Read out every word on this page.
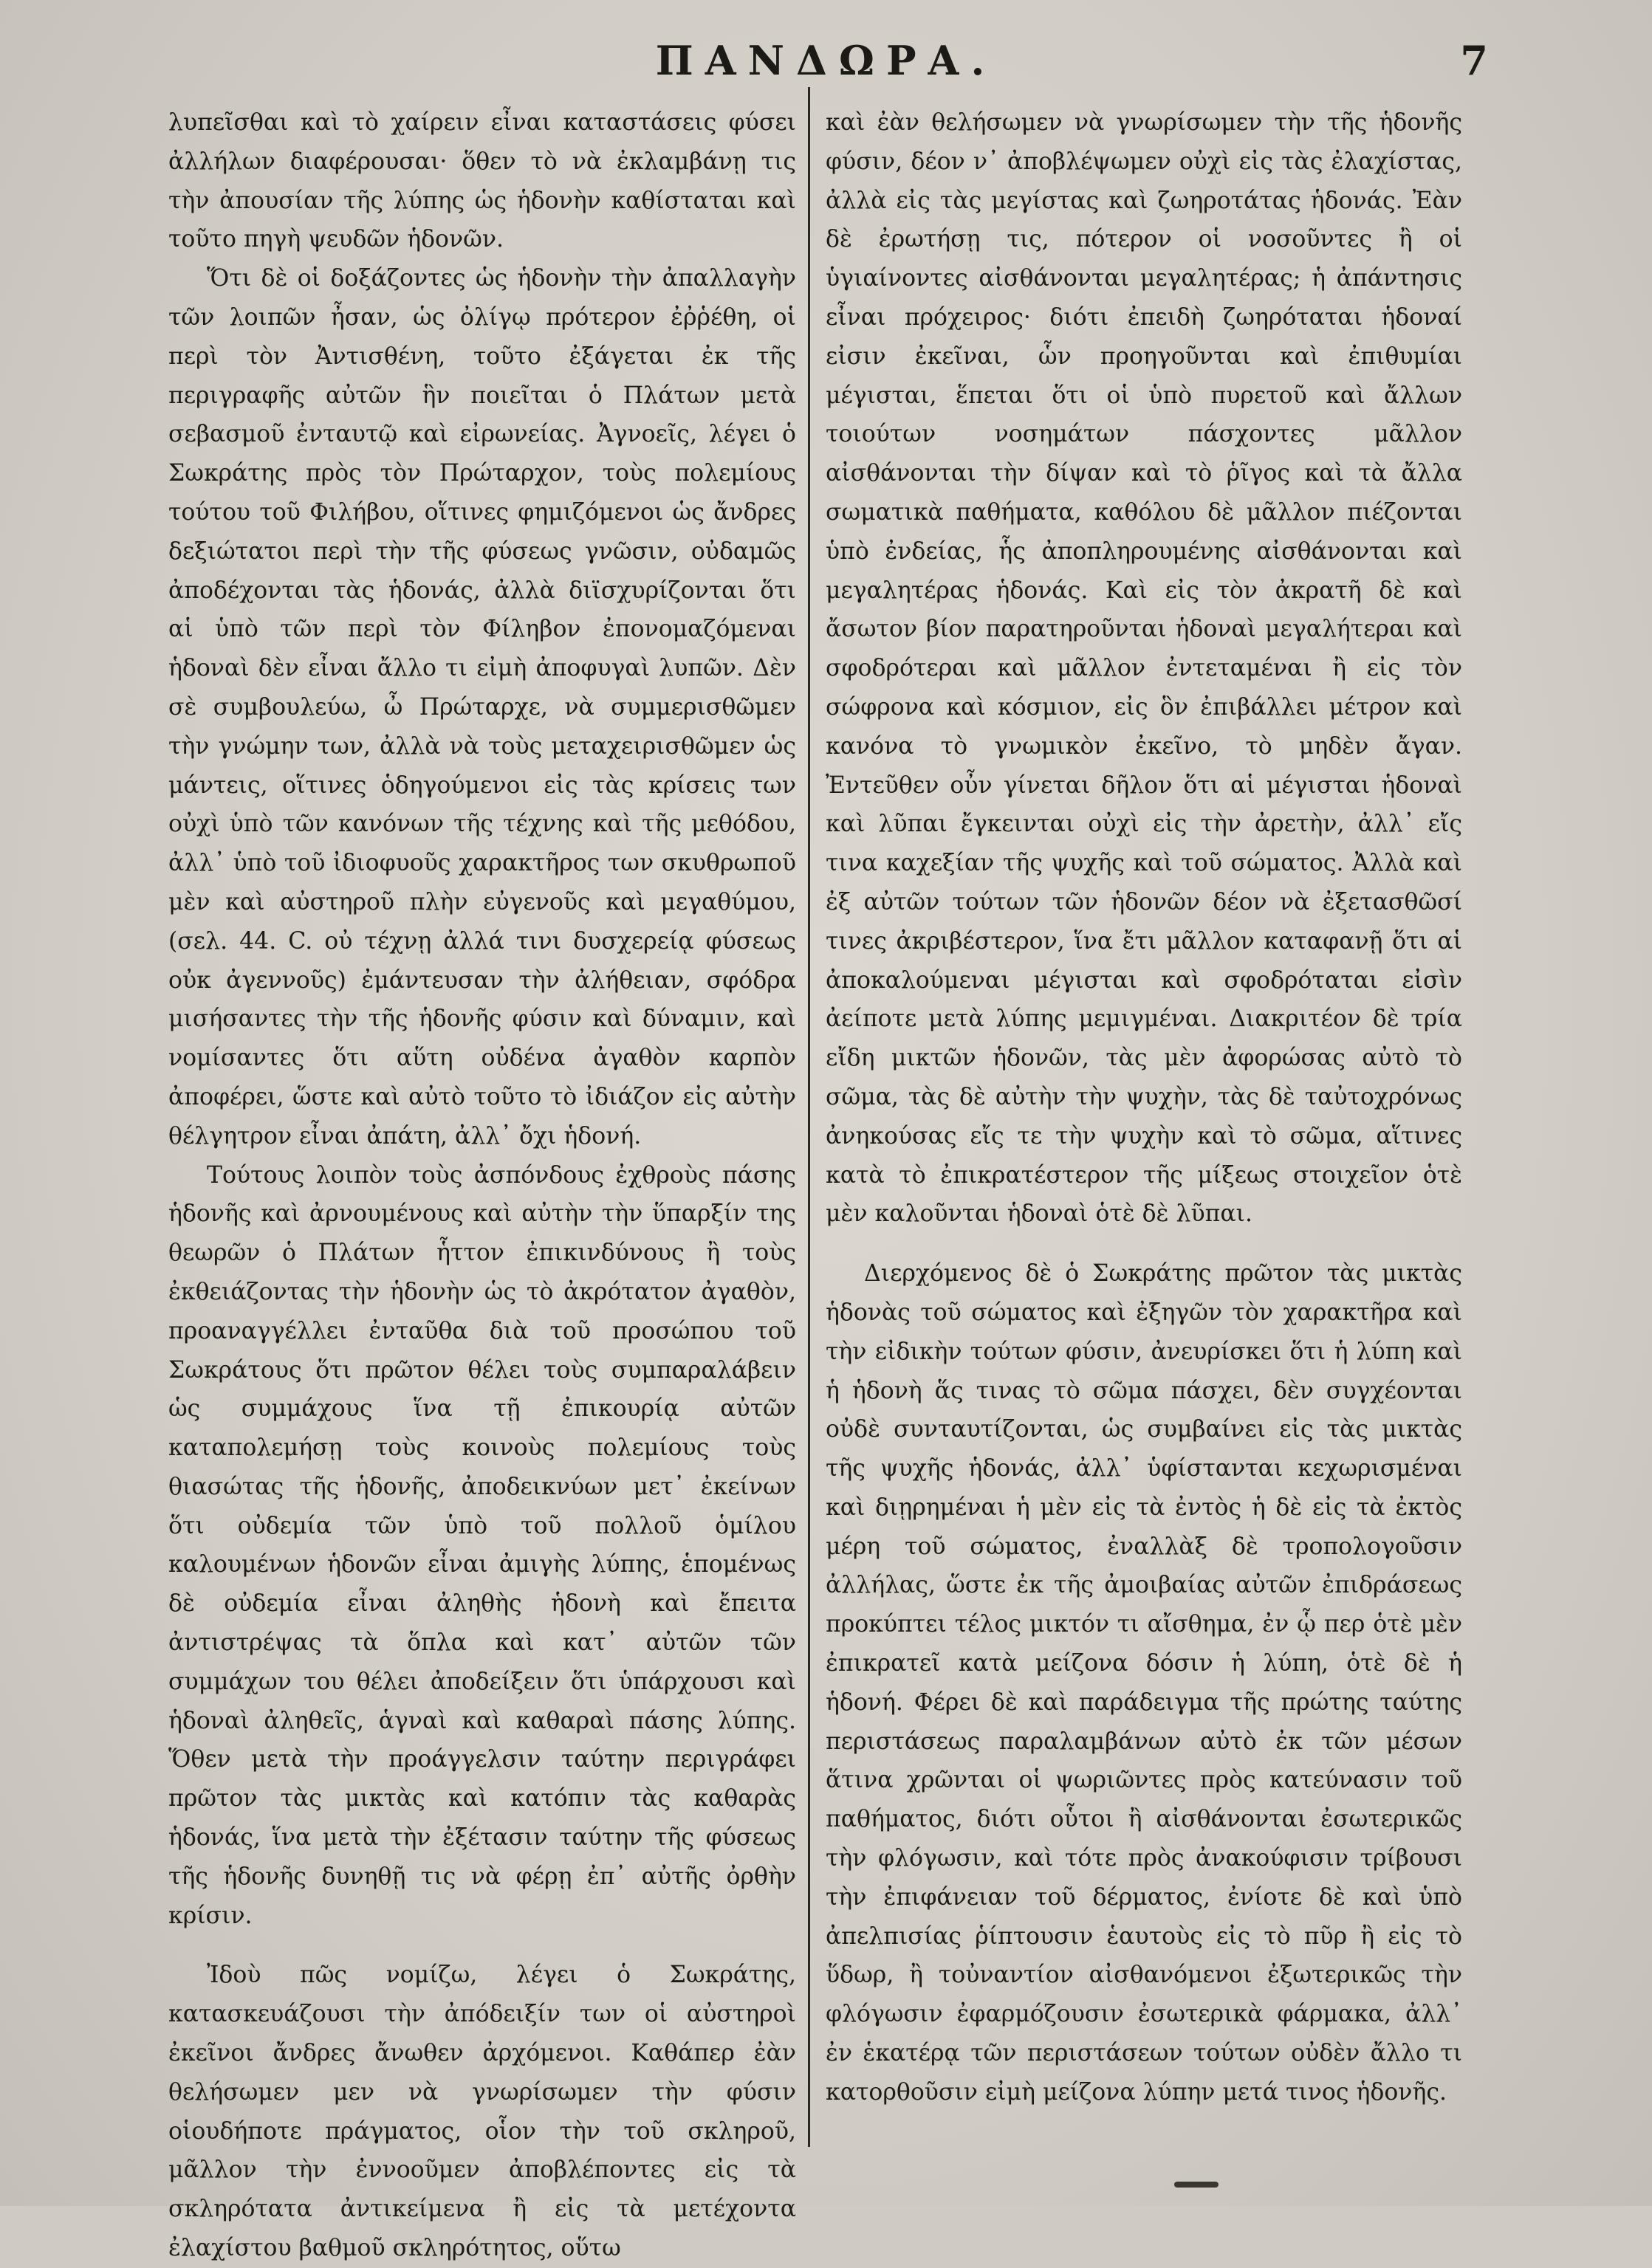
ΠΑΝΔΩΡΑ.	7

λυπεῖσθαι καὶ τὸ χαίρειν εἶναι καταστάσεις φύσει ἀλλήλων διαφέρουσαι· ὅθεν τὸ νὰ ἐκλαμβάνῃ τις τὴν ἀπουσίαν τῆς λύπης ὡς ἡδονὴν καθίσταται καὶ τοῦτο πηγὴ ψευδῶν ἡδονῶν.

Ὅτι δὲ οἱ δοξάζοντες ὡς ἡδονὴν τὴν ἀπαλλαγὴν τῶν λοιπῶν ἦσαν, ὡς ὀλίγῳ πρότερον ἐῤῥέθη, οἱ περὶ τὸν Ἀντισθένη, τοῦτο ἐξάγεται ἐκ τῆς περιγραφῆς αὐτῶν ἣν ποιεῖται ὁ Πλάτων μετὰ σεβασμοῦ ἐνταυτῷ καὶ εἰρωνείας. Ἀγνοεῖς, λέγει ὁ Σωκράτης πρὸς τὸν Πρώταρχον, τοὺς πολεμίους τούτου τοῦ Φιλήβου, οἵτινες φημιζόμενοι ὡς ἄνδρες δεξιώτατοι περὶ τὴν τῆς φύσεως γνῶσιν, οὐδαμῶς ἀποδέχονται τὰς ἡδονάς, ἀλλὰ διϊσχυρίζονται ὅτι αἱ ὑπὸ τῶν περὶ τὸν Φίληβον ἐπονομαζόμεναι ἡδοναὶ δὲν εἶναι ἄλλο τι εἰμὴ ἀποφυγαὶ λυπῶν. Δὲν σὲ συμβουλεύω, ὦ Πρώταρχε, νὰ συμμερισθῶμεν τὴν γνώμην των, ἀλλὰ νὰ τοὺς μεταχειρισθῶμεν ὡς μάντεις, οἵτινες ὁδηγούμενοι εἰς τὰς κρίσεις των οὐχὶ ὑπὸ τῶν κανόνων τῆς τέχνης καὶ τῆς μεθόδου, ἀλλ᾽ ὑπὸ τοῦ ἰδιοφυοῦς χαρακτῆρος των σκυθρωποῦ μὲν καὶ αὐστηροῦ πλὴν εὐγενοῦς καὶ μεγαθύμου, (σελ. 44. C. οὐ τέχνῃ ἀλλά τινι δυσχερείᾳ φύσεως οὐκ ἀγεννοῦς) ἐμάντευσαν τὴν ἀλήθειαν, σφόδρα μισήσαντες τὴν τῆς ἡδονῆς φύσιν καὶ δύναμιν, καὶ νομίσαντες ὅτι αὕτη οὐδένα ἀγαθὸν καρπὸν ἀποφέρει, ὥστε καὶ αὐτὸ τοῦτο τὸ ἰδιάζον εἰς αὐτὴν θέλγητρον εἶναι ἀπάτη, ἀλλ᾽ ὄχι ἡδονή.

Τούτους λοιπὸν τοὺς ἀσπόνδους ἐχθροὺς πάσης ἡδονῆς καὶ ἀρνουμένους καὶ αὐτὴν τὴν ὕπαρξίν της θεωρῶν ὁ Πλάτων ἧττον ἐπικινδύνους ἢ τοὺς ἐκθειάζοντας τὴν ἡδονὴν ὡς τὸ ἀκρότατον ἀγαθὸν, προαναγγέλλει ἐνταῦθα διὰ τοῦ προσώπου τοῦ Σωκράτους ὅτι πρῶτον θέλει τοὺς συμπαραλάβειν ὡς συμμάχους ἵνα τῇ ἐπικουρίᾳ αὐτῶν καταπολεμήσῃ τοὺς κοινοὺς πολεμίους τοὺς θιασώτας τῆς ἡδονῆς, ἀποδεικνύων μετ᾽ ἐκείνων ὅτι οὐδεμία τῶν ὑπὸ τοῦ πολλοῦ ὁμίλου καλουμένων ἡδονῶν εἶναι ἀμιγὴς λύπης, ἑπομένως δὲ οὐδεμία εἶναι ἀληθὴς ἡδονὴ καὶ ἔπειτα ἀντιστρέψας τὰ ὅπλα καὶ κατ᾽ αὐτῶν τῶν συμμάχων του θέλει ἀποδείξειν ὅτι ὑπάρχουσι καὶ ἡδοναὶ ἀληθεῖς, ἁγναὶ καὶ καθαραὶ πάσης λύπης. Ὅθεν μετὰ τὴν προάγγελσιν ταύτην περιγράφει πρῶτον τὰς μικτὰς καὶ κατόπιν τὰς καθαρὰς ἡδονάς, ἵνα μετὰ τὴν ἐξέτασιν ταύτην τῆς φύσεως τῆς ἡδονῆς δυνηθῇ τις νὰ φέρῃ ἐπ᾽ αὐτῆς ὀρθὴν κρίσιν.

Ἰδοὺ πῶς νομίζω, λέγει ὁ Σωκράτης, κατασκευάζουσι τὴν ἀπόδειξίν των οἱ αὐστηροὶ ἐκεῖνοι ἄνδρες ἄνωθεν ἀρχόμενοι. Καθάπερ ἐὰν θελήσωμεν μεν νὰ γνωρίσωμεν τὴν φύσιν οἱουδήποτε πράγματος, οἷον τὴν τοῦ σκληροῦ, μᾶλλον τὴν ἐννοοῦμεν ἀποβλέποντες εἰς τὰ σκληρότατα ἀντικείμενα ἢ εἰς τὰ μετέχοντα ἐλαχίστου βαθμοῦ σκληρότητος, οὕτω

καὶ ἐὰν θελήσωμεν νὰ γνωρίσωμεν τὴν τῆς ἡδονῆς φύσιν, δέον ν᾽ ἀποβλέψωμεν οὐχὶ εἰς τὰς ἐλαχίστας, ἀλλὰ εἰς τὰς μεγίστας καὶ ζωηροτάτας ἡδονάς. Ἐὰν δὲ ἐρωτήσῃ τις, πότερον οἱ νοσοῦντες ἢ οἱ ὑγιαίνοντες αἰσθάνονται μεγαλητέρας; ἡ ἀπάντησις εἶναι πρόχειρος· διότι ἐπειδὴ ζωηρόταται ἡδοναί εἰσιν ἐκεῖναι, ὧν προηγοῦνται καὶ ἐπιθυμίαι μέγισται, ἕπεται ὅτι οἱ ὑπὸ πυρετοῦ καὶ ἄλλων τοιούτων νοσημάτων πάσχοντες μᾶλλον αἰσθάνονται τὴν δίψαν καὶ τὸ ῥῖγος καὶ τὰ ἄλλα σωματικὰ παθήματα, καθόλου δὲ μᾶλλον πιέζονται ὑπὸ ἐνδείας, ἧς ἀποπληρουμένης αἰσθάνονται καὶ μεγαλητέρας ἡδονάς. Καὶ εἰς τὸν ἀκρατῆ δὲ καὶ ἄσωτον βίον παρατηροῦνται ἡδοναὶ μεγαλήτεραι καὶ σφοδρότεραι καὶ μᾶλλον ἐντεταμέναι ἢ εἰς τὸν σώφρονα καὶ κόσμιον, εἰς ὃν ἐπιβάλλει μέτρον καὶ κανόνα τὸ γνωμικὸν ἐκεῖνο, τὸ μηδὲν ἄγαν. Ἐντεῦθεν οὖν γίνεται δῆλον ὅτι αἱ μέγισται ἡδοναὶ καὶ λῦπαι ἔγκεινται οὐχὶ εἰς τὴν ἀρετὴν, ἀλλ᾽ εἴς τινα καχεξίαν τῆς ψυχῆς καὶ τοῦ σώματος. Ἀλλὰ καὶ ἐξ αὐτῶν τούτων τῶν ἡδονῶν δέον νὰ ἐξετασθῶσί τινες ἀκριβέστερον, ἵνα ἔτι μᾶλλον καταφανῇ ὅτι αἱ ἀποκαλούμεναι μέγισται καὶ σφοδρόταται εἰσὶν ἀείποτε μετὰ λύπης μεμιγμέναι. Διακριτέον δὲ τρία εἴδη μικτῶν ἡδονῶν, τὰς μὲν ἀφορώσας αὐτὸ τὸ σῶμα, τὰς δὲ αὐτὴν τὴν ψυχὴν, τὰς δὲ ταὐτοχρόνως ἀνηκούσας εἴς τε τὴν ψυχὴν καὶ τὸ σῶμα, αἵτινες κατὰ τὸ ἐπικρατέστερον τῆς μίξεως στοιχεῖον ὁτὲ μὲν καλοῦνται ἡδοναὶ ὁτὲ δὲ λῦπαι.

Διερχόμενος δὲ ὁ Σωκράτης πρῶτον τὰς μικτὰς ἡδονὰς τοῦ σώματος καὶ ἐξηγῶν τὸν χαρακτῆρα καὶ τὴν εἰδικὴν τούτων φύσιν, ἀνευρίσκει ὅτι ἡ λύπη καὶ ἡ ἡδονὴ ἅς τινας τὸ σῶμα πάσχει, δὲν συγχέονται οὐδὲ συνταυτίζονται, ὡς συμβαίνει εἰς τὰς μικτὰς τῆς ψυχῆς ἡδονάς, ἀλλ᾽ ὑφίστανται κεχωρισμέναι καὶ διῃρημέναι ἡ μὲν εἰς τὰ ἐντὸς ἡ δὲ εἰς τὰ ἐκτὸς μέρη τοῦ σώματος, ἐναλλὰξ δὲ τροπολογοῦσιν ἀλλήλας, ὥστε ἐκ τῆς ἀμοιβαίας αὐτῶν ἐπιδράσεως προκύπτει τέλος μικτόν τι αἴσθημα, ἐν ᾧ περ ὁτὲ μὲν ἐπικρατεῖ κατὰ μείζονα δόσιν ἡ λύπη, ὁτὲ δὲ ἡ ἡδονή. Φέρει δὲ καὶ παράδειγμα τῆς πρώτης ταύτης περιστάσεως παραλαμβάνων αὐτὸ ἐκ τῶν μέσων ἅτινα χρῶνται οἱ ψωριῶντες πρὸς κατεύνασιν τοῦ παθήματος, διότι οὗτοι ἢ αἰσθάνονται ἐσωτερικῶς τὴν φλόγωσιν, καὶ τότε πρὸς ἀνακούφισιν τρίβουσι τὴν ἐπιφάνειαν τοῦ δέρματος, ἐνίοτε δὲ καὶ ὑπὸ ἀπελπισίας ῥίπτουσιν ἑαυτοὺς εἰς τὸ πῦρ ἢ εἰς τὸ ὕδωρ, ἢ τοὐναντίον αἰσθανόμενοι ἐξωτερικῶς τὴν φλόγωσιν ἐφαρμόζουσιν ἐσωτερικὰ φάρμακα, ἀλλ᾽ ἐν ἑκατέρᾳ τῶν περιστάσεων τούτων οὐδὲν ἄλλο τι κατορθοῦσιν εἰμὴ μείζονα λύπην μετά τινος ἡδονῆς.
